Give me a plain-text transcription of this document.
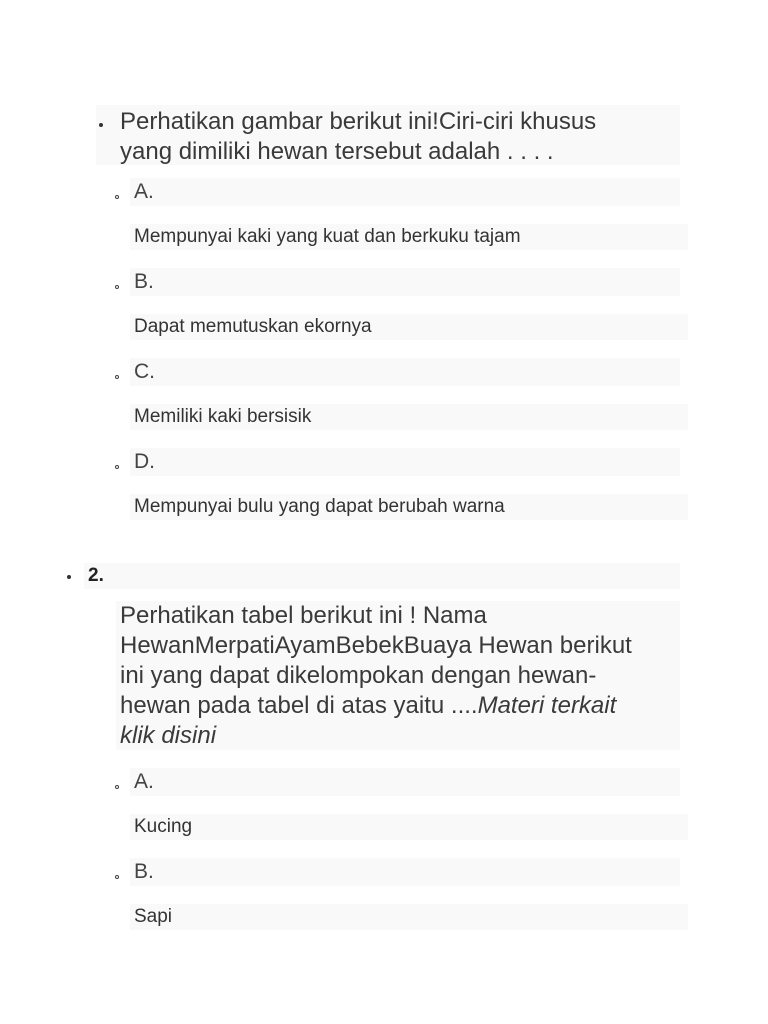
Perhatikan gambar berikut ini!Ciri-ciri khusus
yang dimiliki hewan tersebut adalah . . . .
A.
Mempunyai kaki yang kuat dan berkuku tajam
B.
Dapat memutuskan ekornya
C.
Memiliki kaki bersisik
D.
Mempunyai bulu yang dapat berubah warna
2.
Perhatikan tabel berikut ini ! Nama
HewanMerpatiAyamBebekBuaya Hewan berikut
ini yang dapat dikelompokan dengan hewan-
hewan pada tabel di atas yaitu ....Materi terkait
klik disini
A.
Kucing
B.
Sapi
